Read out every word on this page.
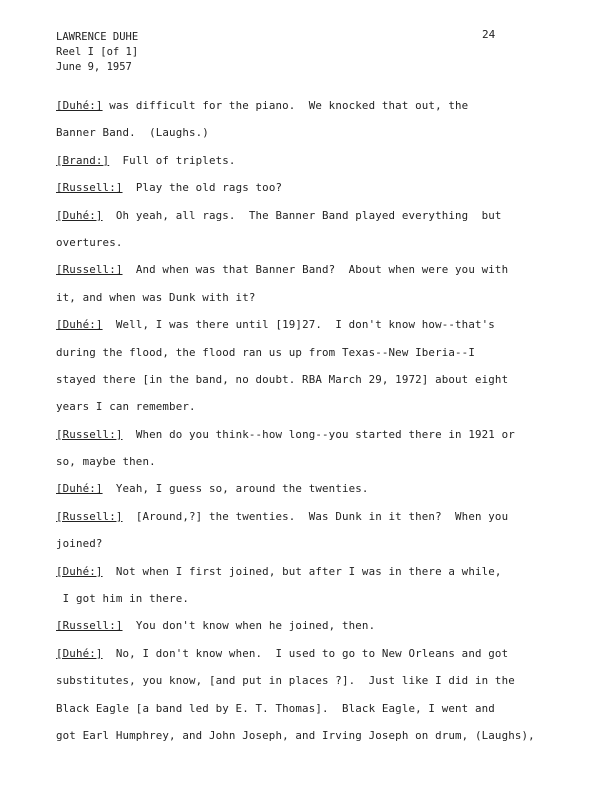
LAWRENCE DUHE
Reel I [of 1]
June 9, 1957
24
[Duhé:] was difficult for the piano.  We knocked that out, the
Banner Band.  (Laughs.)
[Brand:]  Full of triplets.
[Russell:]  Play the old rags too?
[Duhé:]  Oh yeah, all rags.  The Banner Band played everything  but
overtures.
[Russell:]  And when was that Banner Band?  About when were you with
it, and when was Dunk with it?
[Duhé:]  Well, I was there until [19]27.  I don't know how--that's
during the flood, the flood ran us up from Texas--New Iberia--I
stayed there [in the band, no doubt. RBA March 29, 1972] about eight
years I can remember.
[Russell:]  When do you think--how long--you started there in 1921 or
so, maybe then.
[Duhé:]  Yeah, I guess so, around the twenties.
[Russell:]  [Around,?] the twenties.  Was Dunk in it then?  When you
joined?
[Duhé:]  Not when I first joined, but after I was in there a while,
I got him in there.
[Russell:]  You don't know when he joined, then.
[Duhé:]  No, I don't know when.  I used to go to New Orleans and got
substitutes, you know, [and put in places ?].  Just like I did in the
Black Eagle [a band led by E. T. Thomas].  Black Eagle, I went and
got Earl Humphrey, and John Joseph, and Irving Joseph on drum, (Laughs),
